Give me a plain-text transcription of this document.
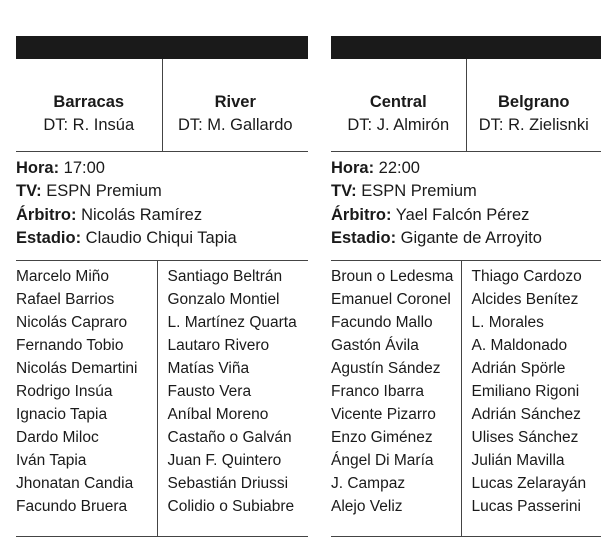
Barracas
DT: R. Insúa
River
DT: M. Gallardo
Hora: 17:00
TV: ESPN Premium
Árbitro: Nicolás Ramírez
Estadio: Claudio Chiqui Tapia
Marcelo Miño
Rafael Barrios
Nicolás Capraro
Fernando Tobio
Nicolás Demartini
Rodrigo Insúa
Ignacio Tapia
Dardo Miloc
Iván Tapia
Jhonatan Candia
Facundo Bruera
Santiago Beltrán
Gonzalo Montiel
L. Martínez Quarta
Lautaro Rivero
Matías Viña
Fausto Vera
Aníbal Moreno
Castaño o Galván
Juan F. Quintero
Sebastián Driussi
Colidio o Subiabre
Central
DT: J. Almirón
Belgrano
DT: R. Zielisnki
Hora: 22:00
TV: ESPN Premium
Árbitro: Yael Falcón Pérez
Estadio: Gigante de Arroyito
Broun o Ledesma
Emanuel Coronel
Facundo Mallo
Gastón Ávila
Agustín Sández
Franco Ibarra
Vicente Pizarro
Enzo Giménez
Ángel Di María
J. Campaz
Alejo Veliz
Thiago Cardozo
Alcides Benítez
L. Morales
A. Maldonado
Adrián Spörle
Emiliano Rigoni
Adrián Sánchez
Ulises Sánchez
Julián Mavilla
Lucas Zelarayán
Lucas Passerini
